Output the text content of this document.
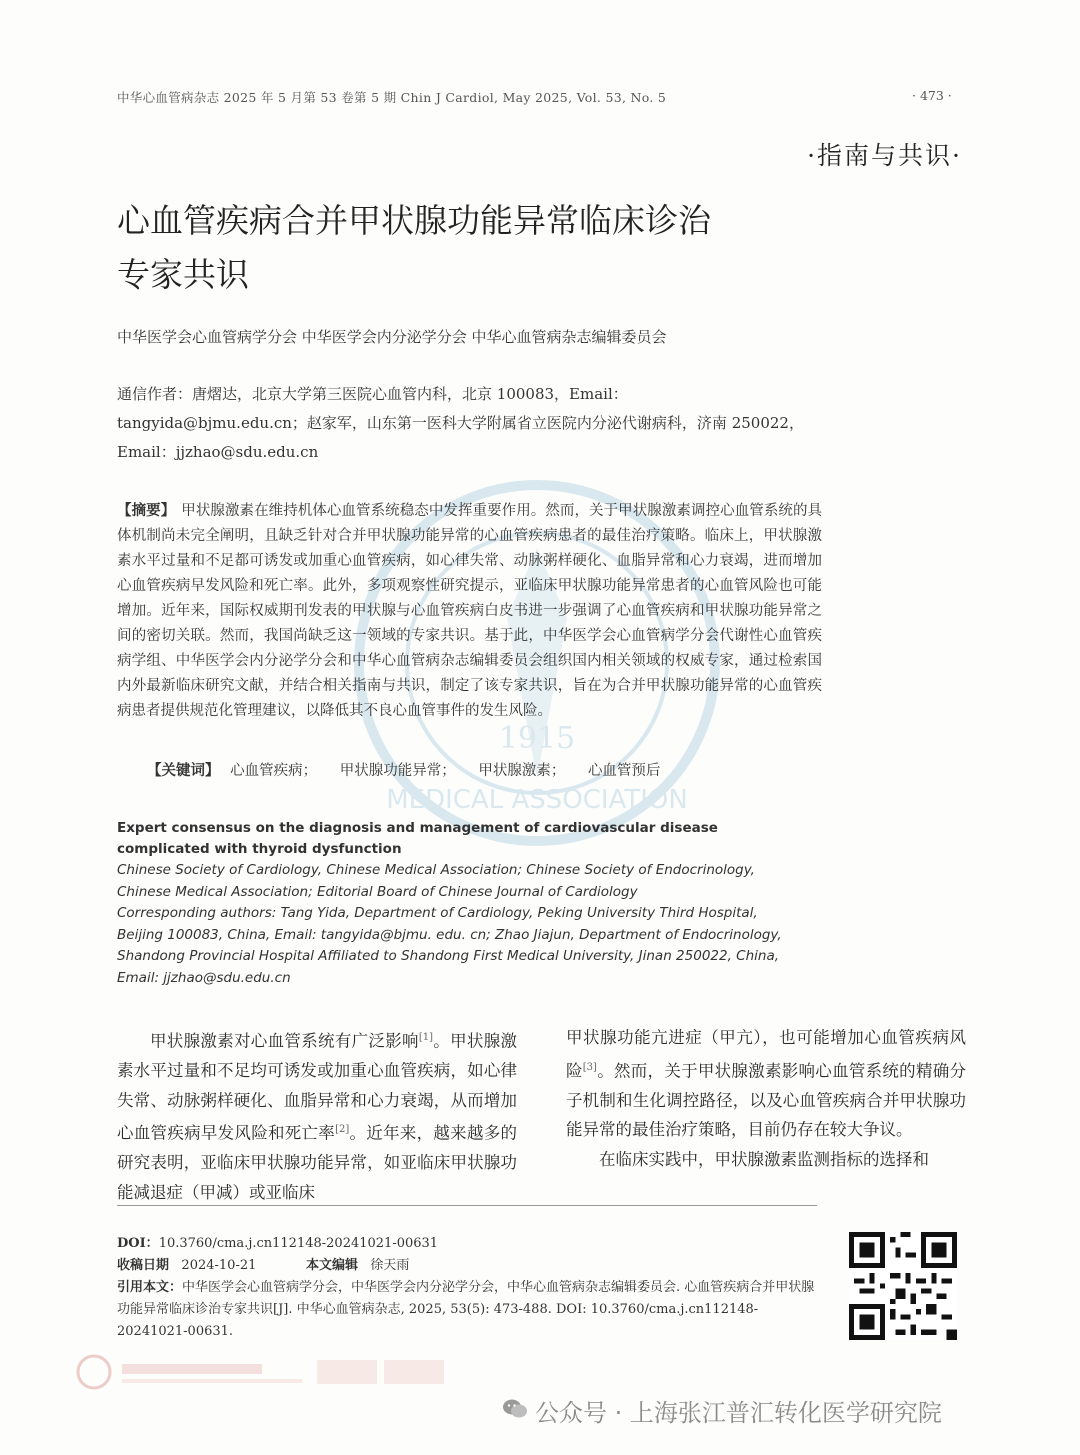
1915
MEDICAL ASSOCIATION
中华心血管病杂志 2025 年 5 月第 53 卷第 5 期 Chin J Cardiol, May 2025, Vol. 53, No. 5	· 473 ·
·指南与共识·
心血管疾病合并甲状腺功能异常临床诊治
专家共识
中华医学会心血管病学分会 中华医学会内分泌学分会 中华心血管病杂志编辑委员会
通信作者：唐熠达，北京大学第三医院心血管内科，北京 100083，Email：tangyida@bjmu.edu.cn；赵家军，山东第一医科大学附属省立医院内分泌代谢病科，济南 250022，Email：jjzhao@sdu.edu.cn
【摘要】 甲状腺激素在维持机体心血管系统稳态中发挥重要作用。然而，关于甲状腺激素调控心血管系统的具体机制尚未完全阐明，且缺乏针对合并甲状腺功能异常的心血管疾病患者的最佳治疗策略。临床上，甲状腺激素水平过量和不足都可诱发或加重心血管疾病，如心律失常、动脉粥样硬化、血脂异常和心力衰竭，进而增加心血管疾病早发风险和死亡率。此外，多项观察性研究提示，亚临床甲状腺功能异常患者的心血管风险也可能增加。近年来，国际权威期刊发表的甲状腺与心血管疾病白皮书进一步强调了心血管疾病和甲状腺功能异常之间的密切关联。然而，我国尚缺乏这一领域的专家共识。基于此，中华医学会心血管病学分会代谢性心血管疾病学组、中华医学会内分泌学分会和中华心血管病杂志编辑委员会组织国内相关领域的权威专家，通过检索国内外最新临床研究文献，并结合相关指南与共识，制定了该专家共识，旨在为合并甲状腺功能异常的心血管疾病患者提供规范化管理建议，以降低其不良心血管事件的发生风险。
【关键词】 心血管疾病； 甲状腺功能异常； 甲状腺激素； 心血管预后
Expert consensus on the diagnosis and management of cardiovascular disease complicated with thyroid dysfunction
Chinese Society of Cardiology, Chinese Medical Association; Chinese Society of Endocrinology, Chinese Medical Association; Editorial Board of Chinese Journal of Cardiology
Corresponding authors: Tang Yida, Department of Cardiology, Peking University Third Hospital, Beijing 100083, China, Email: tangyida@bjmu. edu. cn; Zhao Jiajun, Department of Endocrinology, Shandong Provincial Hospital Affiliated to Shandong First Medical University, Jinan 250022, China, Email: jjzhao@sdu.edu.cn
甲状腺激素对心血管系统有广泛影响[1]。甲状腺激素水平过量和不足均可诱发或加重心血管疾病，如心律失常、动脉粥样硬化、血脂异常和心力衰竭，从而增加心血管疾病早发风险和死亡率[2]。近年来，越来越多的研究表明，亚临床甲状腺功能异常，如亚临床甲状腺功能减退症（甲减）或亚临床
甲状腺功能亢进症（甲亢），也可能增加心血管疾病风险[3]。然而，关于甲状腺激素影响心血管系统的精确分子机制和生化调控路径，以及心血管疾病合并甲状腺功能异常的最佳治疗策略，目前仍存在较大争议。
在临床实践中，甲状腺激素监测指标的选择和
DOI：10.3760/cma.j.cn112148-20241021-00631
收稿日期 2024-10-21	本文编辑 徐天雨
引用本文：中华医学会心血管病学分会，中华医学会内分泌学分会，中华心血管病杂志编辑委员会. 心血管疾病合并甲状腺功能异常临床诊治专家共识[J]. 中华心血管病杂志, 2025, 53(5): 473-488. DOI: 10.3760/cma.j.cn112148-20241021-00631.
公众号 · 上海张江普汇转化医学研究院
